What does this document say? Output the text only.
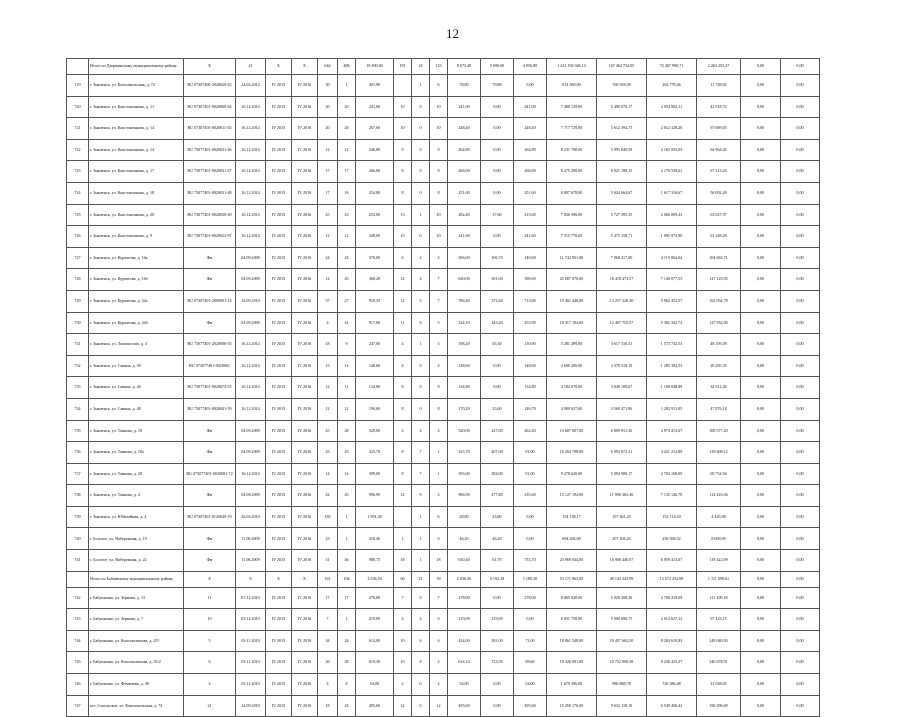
12
	Итого по Дзержинскому муниципальному району	Х	21	Х	Х	644	486	18 490,00	191	24	123	8 673,40	5 690,00	4 056,80	1 223 194 046,13	167 462 754,05	72 467 990,71	2 263 253,27	0,00	0,00
119	г. Знаменск, ул. Комсомольская, д. 72	RU 07307400-2020020-25	24.02.2014	IV 2015	IV 2016	30	1	491,90		1	6	78,80	79,80	0,00	814 560,00	760 918,58	202 778,46	11 728,92	0,00	0,00
720	г. Знаменск, ул. Константкнова, д. 11	RU 07307401-0020060-44	16.12.2014	IV 2015	IV 2016	20	20	241,00	10	0	10	241,00	0,00	241,00	7 488 129,00	5 490 076,17	2 054 082,11	42 918,72	0,00	0,00
721	г. Знаменск, ул. Константкнова, д. 14	RU 07307401-0020011-45	16.12.2014	IV 2015	IV 2016	20	20	267,60	10	0	10	248,40	0,00	248,40	7 717 729,00	5 612 394,75	2 012 328,20	67 669,05	0,00	0,00
722	г. Знаменск, ул. Константкнова, д. 14	RU 73077401-0020031-46	16.12.2014	IV 2015	IV 2016	12	12	246,80	9	0	9	264,80	0,00	264,80	8 231 790,00	5 993 840,59	2 165 955,05	64 964,45	0,00	0,00
723	г. Знаменск, ул. Константкнова, д. 17	RU 73077401-0020031-47	16.12.2014	IV 2015	IV 2016	17	17	266,00	8	0	8	266,00	0,00	266,00	8 275 290,00	6 021 198,15	2 176 558,61	67 213,24	0,00	0,00
724	г. Знаменск, ул. Константкнова, д. 18	RU 73077401-0020031-48	16.12.2014	IV 2015	IV 2016	17	16	254,80	8	0	8	251,60	0,00	251,60	6 807 678,00	5 624 664,67	1 617 316,67	56 002,49	0,00	0,00
725	г. Знаменск, ул. Константкнова, д. 20	RU 73077401-0020030-49	16.12.2014	IV 2015	IV 2016	25	23	252,00	13	1	10	282,40	37,60	215,00	7 836 396,00	5 727 395,35	2 066 009,43	63 027,97	0,00	0,00
726	г. Знаменск, ул. Константкнова, д. 9	RU 73077401-0020022-97	16.12.2014	IV 2015	IV 2016	12	12	248,00	10	0	10	241,60	0,00	241,60	7 515 770,00	5 475 158,71	1 995 973,90	61 248,29	0,00	0,00
727	г. Знаменск, ул. Курчатова, д. 16а	Фм	04.09.2009	IV 2015	IV 2016	24	24	370,00	6	2	2	306,00	106,70	140,00	11 742 951,00	7 960 417,00	4 119 864,04	104 663,71	0,00	0,00
728	г. Знаменск, ул. Курчатова, д. 16б	Фм	04.09.2009	IV 2015	IV 2016	12	45	368,20	12	4	7	630,00	301,00	390,00	25 687 070,00	18 418 473,57	7 140 077,55	127 125,95	0,00	0,00
729	г. Знаменск, ул. Курчатова, д. 22а	RU 07307401-2009001-14	14.09.2010	IV 2015	IV 2016	37	27	918,35	12	5	7	786,40	372,40	713,90	19 461 446,00	13 257 328,30	5 962 452,57	162 054,78	0,00	0,00
730	г. Знаменск, ул. Курчатова, д. 24б	Фм	04.09.2009	IV 2015	IV 2016	4	41	917,00	11	6	5	524,10	343,20	255,90	18 417 184,00	12 407 755,57	5 382 342,74	127 932,00	0,00	0,00
731	г. Знаменск, ул. Ломоносова, д. 3	RU 73077401-2020006-55	16.12.2014	IV 2015	IV 2016	18	9	247,00	4	1	3	196,20	65,30	130,90	5 281 499,00	3 617 516,31	1 573 732,53	48 195,09	0,00	0,00
732	г. Знаменск, ул. Савина, д. 39	RU 073077401-0020061	16.12.2014	IV 2015	IV 2016	15	14	148,60	4	0	4	148,60	0,00	148,60	4 690 206,00	3 378 518,19	1 285 392,53	26 295,35	0,00	0,00
733	г. Знаменск, ул. Савина, д. 40	RU 73077401-0020074-55	16.12.2014	IV 2015	IV 2016	12	11	134,80	8	0	8	134,80	0,00	134,80	4 184 070,00	3 049 108,67	1 100 048,89	34 912,40	0,00	0,00
734	г. Знаменск, ул. Савина, д. 48	RU 73077401-0020041-59	16.12.2014	IV 2015	IV 2016	12	12	190,60	8	0	8	170,20	23,60	146,70	4 900 637,00	3 560 471,86	1 282 911,05	47 876,18	0,00	0,00
735	г. Знаменск, ул. Танкова, д. 18	Фм	04.09.2009	IV 2015	IV 2016	25	28	520,00	4	4	4	520,00	227,00	262,40	13 607 007,00	6 809 931,36	4 973 413,67	100 577,20	0,00	0,00
736	г. Знаменск, ул. Танкова, д. 18а	Фм	04.09.2009	IV 2015	IV 2016	25	25	323,70	8	7	1	323,70	407,00	91,00	10 264 798,00	6 993 873,31	4 221 212,89	129 608,12	0,00	0,00
737	г. Знаменск, ул. Танкова, д. 20	RU 073077401-0020081-72	16.12.2014	IV 2015	IV 2016	14	14	399,00	8	7	1	393,00	284,00	91,00	9 278 620,00	5 094 908,17	2 704 168,09	69 754,94	0,00	0,00
738	г. Знаменск, ул. Танкова, д. 4	Фм	04.08.2009	IV 2015	IV 2016	42	45	996,90	12	9	2	966,90	477,80	235,60	15 127 194,00	11 990 363,36	7 135 146,78	114 416,36	0,00	0,00
739	г. Знаменск, ул. Юбилейная, д. 4	RU 07307401-0120040-19	26.04.2010	IV 2015	IV 2016	183	1	1 991,30		1	6	28,80	23,80	0,00	154 138,17	197 461,25	152 114,30	4 445,00	0,00	0,00
740	г. Бологое, ул. Набережная, д. 19	Фм	11.06.2009	IV 2015	IV 2016	23	1	418,40	1	1	0	46,20	46,20	0,00	694 204,00	207 204,43	256 568,52	8 609,05	0,00	0,00
741	г. Бологое, ул. Набережная, д. 22	Фм	11.06.2009	IV 2015	IV 2016	31	46	980,75	18	1	18	630,40	61,70	733,70	23 969 044,00	16 900 446,07	6 959 413,07	119 422,99	0,00	0,00
	Итого по Бабаевскому муниципальному району	Х	8	Х	Х	161	104	2 036,50	60	21	39	2 036,50	0 192,18	1 180,30	53 171 963,00	40 144 343,99	12 672 252,08	1 111 098,61	0,00	0,00
742	г. Бабушкино, ул. Зернова, д. 13	11	07.12.2010	IV 2015	IV 2016	17	17	278,00	7	0	7	278,00	0,00	278,00	8 065 020,00	5 029 308,36	2 706 318,69	111 109,18	0,00	0,00
743	г. Бабушкино, ул. Зернова, д. 7	10	03.12.2010	IV 2015	IV 2016	7	1	219,09	4	4	0	219,09	219,09	0,00	6 051 758,00	5 080 690,75	2 914 627,12	97 423,15	0,00	0,00
744	г. Бабушкино, ул. Константинова, д. 25?	5	03.11.2010	IV 2015	IV 2016	34	24	614,00	10	6	6	434,00	581,00	71,00	18 861 548,00	10 457 662,50	8 204 610,83	249 040,03	0,00	0,00
745	г. Бабушкино, ул. Константинова, д. 35/2	6	03.11.2010	IV 2015	IV 2016	26	28	610,30	10	8	2	614,14	723,50	88,60	19 326 091,00	10 752 096,38	9 230 425,37	346 678,91	0,00	0,00
746	г. Бабушкино, ул. Фомичева, д. 39	4	03.11.2010	IV 2015	IV 2016	4	4	54,00	2	0	2	54,00	0,00	54,00	1 679 396,00	986 868,78	726 386,48	21 028,05	0,00	0,00
747	пгт. Сокольское, ул. Комсомольская, д. 74	21	24.09.2010	IV 2015	IV 2016	18	24	495,60	12	0	12	495,60	0,00	495,60	15 450 176,00	9 632 118,10	6 549 456,42	190 296,69	0,00	0,00
